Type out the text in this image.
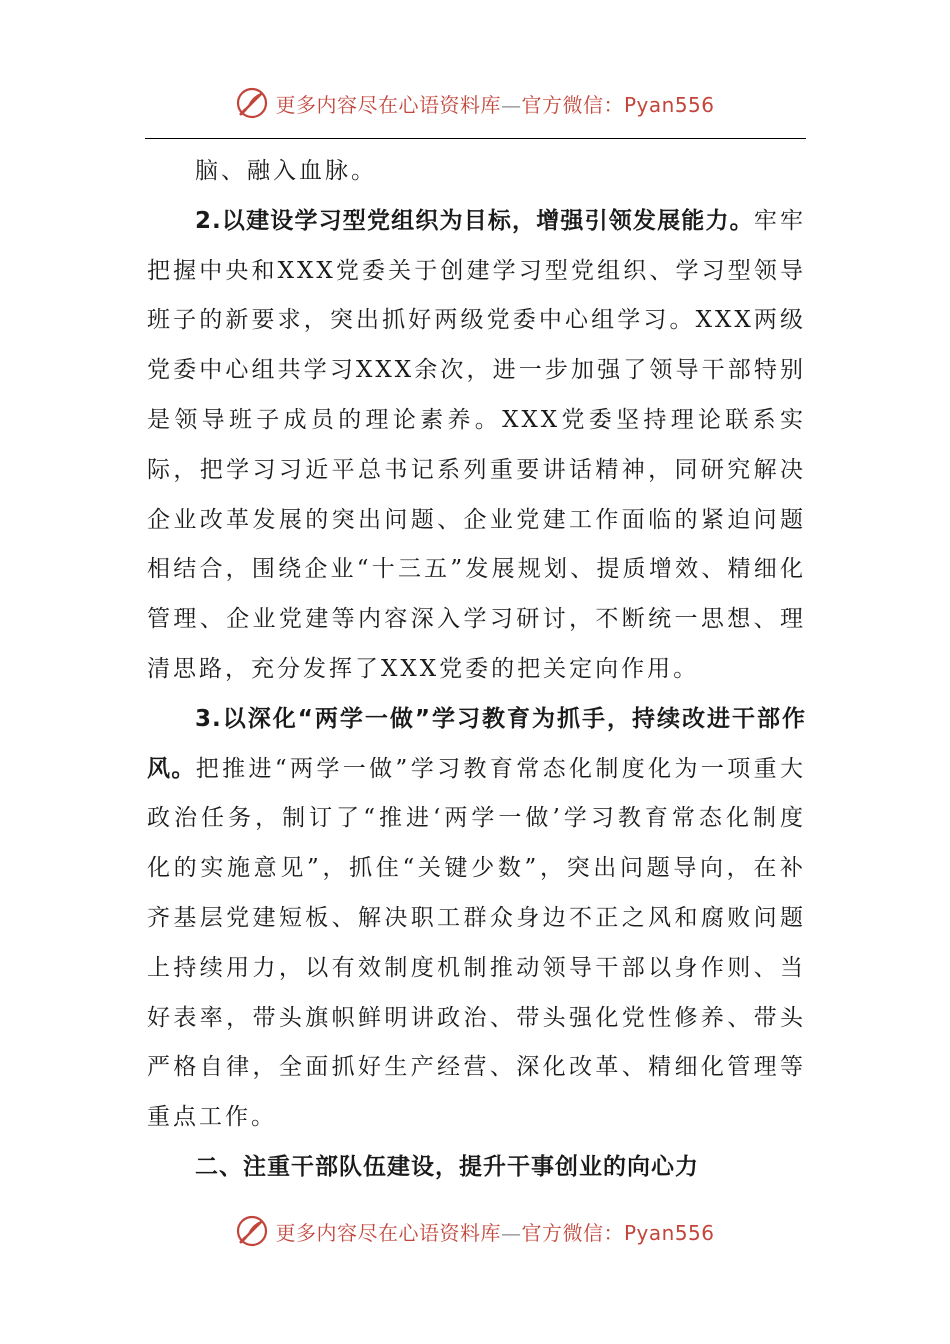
更多内容尽在心语资料库—官方微信：Pyan556

脑、融入血脉。

2.以建设学习型党组织为目标，增强引领发展能力。牢牢把握中央和XXX党委关于创建学习型党组织、学习型领导班子的新要求，突出抓好两级党委中心组学习。XXX两级党委中心组共学习XXX余次，进一步加强了领导干部特别是领导班子成员的理论素养。XXX党委坚持理论联系实际，把学习习近平总书记系列重要讲话精神，同研究解决企业改革发展的突出问题、企业党建工作面临的紧迫问题相结合，围绕企业“十三五”发展规划、提质增效、精细化管理、企业党建等内容深入学习研讨，不断统一思想、理清思路，充分发挥了XXX党委的把关定向作用。

3.以深化“两学一做”学习教育为抓手，持续改进干部作风。把推进“两学一做”学习教育常态化制度化为一项重大政治任务，制订了“推进‘两学一做’学习教育常态化制度化的实施意见”，抓住“关键少数”，突出问题导向，在补齐基层党建短板、解决职工群众身边不正之风和腐败问题上持续用力，以有效制度机制推动领导干部以身作则、当好表率，带头旗帜鲜明讲政治、带头强化党性修养、带头严格自律，全面抓好生产经营、深化改革、精细化管理等重点工作。

二、注重干部队伍建设，提升干事创业的向心力

更多内容尽在心语资料库—官方微信：Pyan556
